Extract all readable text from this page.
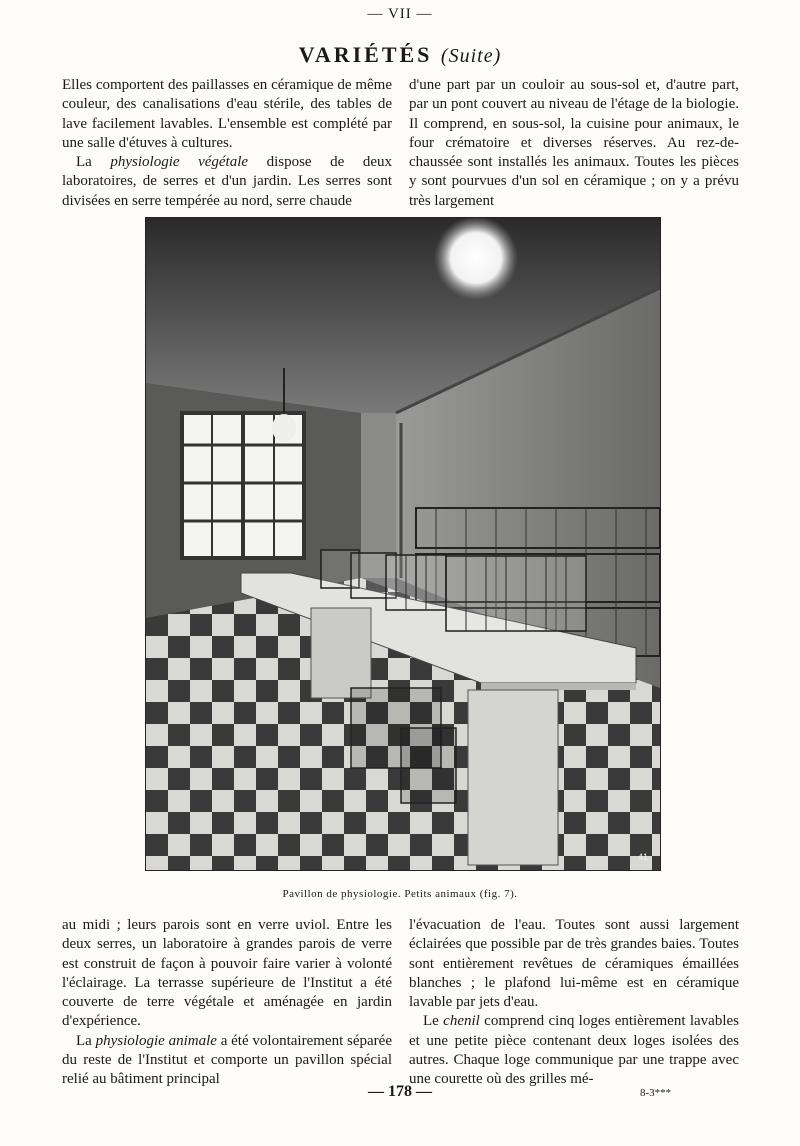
— VII —
VARIÉTÉS (Suite)

Elles comportent des paillasses en céramique de même couleur, des canalisations d'eau stérile, des tables de lave facilement lavables. L'ensemble est complété par une salle d'étuves à cultures.

La physiologie végétale dispose de deux laboratoires, de serres et d'un jardin. Les serres sont divisées en serre tempérée au nord, serre chaude

d'une part par un couloir au sous-sol et, d'autre part, par un pont couvert au niveau de l'étage de la biologie. Il comprend, en sous-sol, la cuisine pour animaux, le four crématoire et diverses réserves. Au rez-de-chaussée sont installés les animaux. Toutes les pièces y sont pourvues d'un sol en céramique ; on y a prévu très largement

41
Pavillon de physiologie. Petits animaux (fig. 7).

au midi ; leurs parois sont en verre uviol. Entre les deux serres, un laboratoire à grandes parois de verre est construit de façon à pouvoir faire varier à volonté l'éclairage. La terrasse supérieure de l'Institut a été couverte de terre végétale et aménagée en jardin d'expérience.

La physiologie animale a été volontairement séparée du reste de l'Institut et comporte un pavillon spécial relié au bâtiment principal

l'évacuation de l'eau. Toutes sont aussi largement éclairées que possible par de très grandes baies. Toutes sont entièrement revêtues de céramiques émaillées blanches ; le plafond lui-même est en céramique lavable par jets d'eau.

Le chenil comprend cinq loges entièrement lavables et une petite pièce contenant deux loges isolées des autres. Chaque loge communique par une trappe avec une courette où des grilles mé-

— 178 —	8-3***
